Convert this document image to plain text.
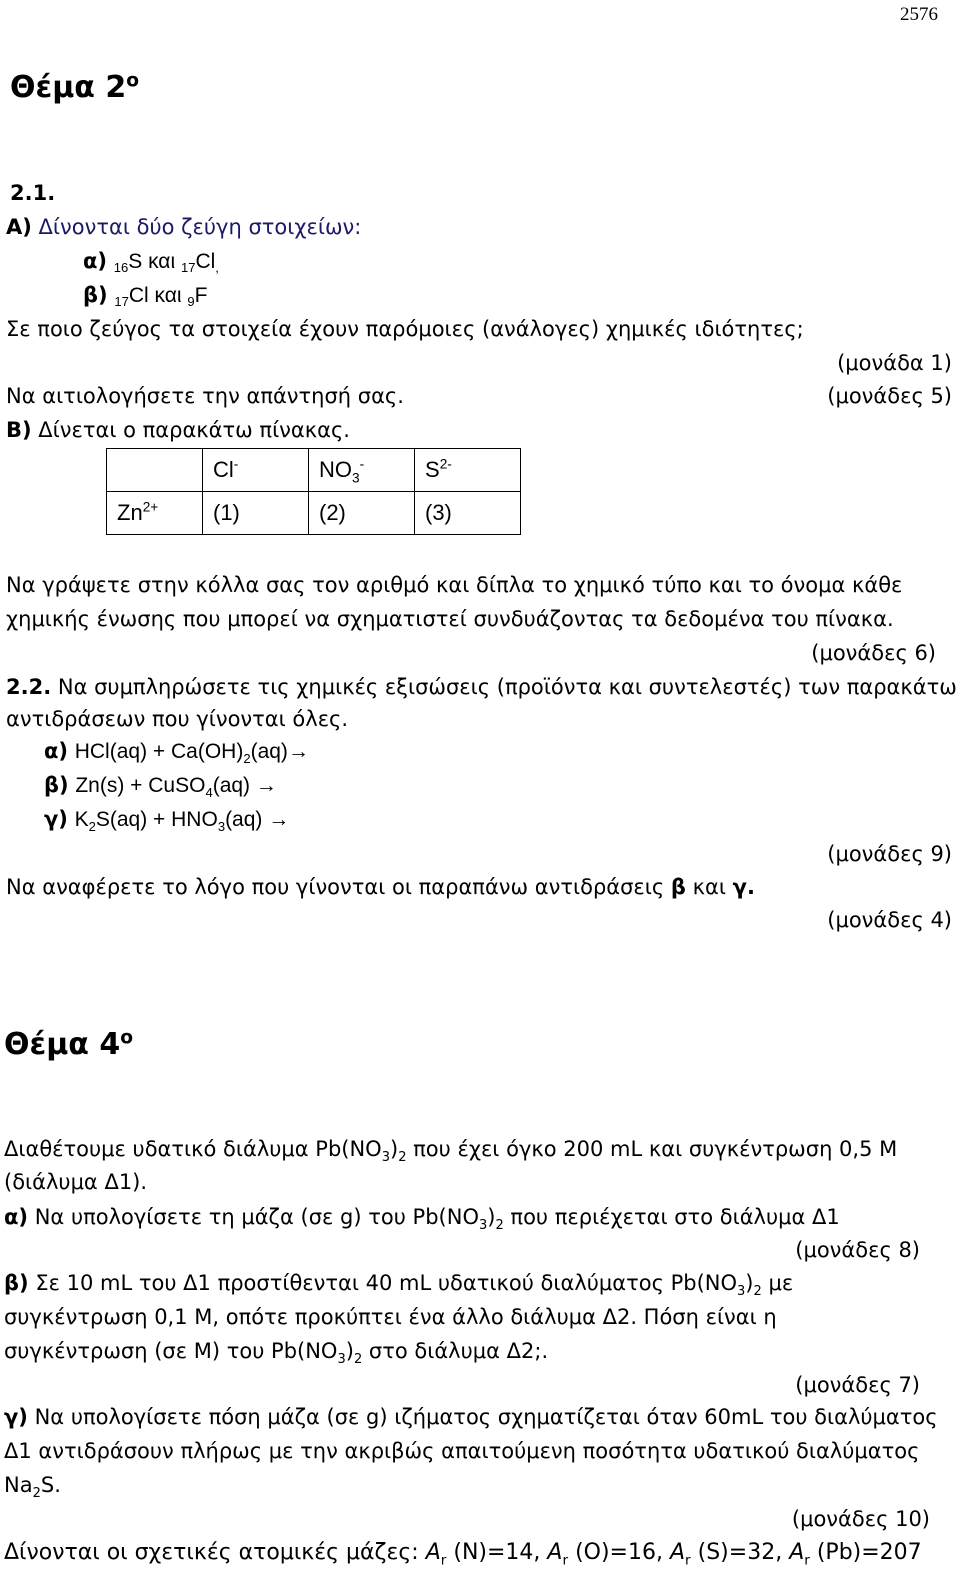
2576
Θέμα $2^o$
2.1.
Α) Δίνονται δύο ζεύγη στοιχείων:
α) 16S και 17Cl,
β) 17Cl και 9F
Σε ποιο ζεύγος τα στοιχεία έχουν παρόμοιες (ανάλογες) χημικές ιδιότητες;
(μονάδα 1)
Να αιτιολογήσετε την απάντησή σας.	(μονάδες 5)
Β) Δίνεται ο παρακάτω πίνακας.
	Cl-	$NO_3^-$	$S^{2-}$
$Zn^{2+}$	(1)	(2)	(3)
Να γράψετε στην κόλλα σας τον αριθμό και δίπλα το χημικό τύπο και το όνομα κάθε
χημικής ένωσης που μπορεί να σχηματιστεί συνδυάζοντας τα δεδομένα του πίνακα.
(μονάδες 6)
2.2. Να συμπληρώσετε τις χημικές εξισώσεις (προϊόντα και συντελεστές) των παρακάτω
αντιδράσεων που γίνονται όλες.
α) $HCl(aq) + Ca(OH)_2(aq)\to$
β) Zn(s) + CuSO$_4$(aq) →
γ) $K_2S(aq) + HNO_3(aq)$ →
(μονάδες 9)
Να αναφέρετε το λόγο που γίνονται οι παραπάνω αντιδράσεις β και γ.
(μονάδες 4)
Θέμα $4^o$
Διαθέτουμε υδατικό διάλυμα $Pb(NO_3)_2$ που έχει όγκο 200 mL και συγκέντρωση 0,5 M
(διάλυμα Δ1).
α) Να υπολογίσετε τη μάζα (σε g) του $Pb(NO_3)_2$ που περιέχεται στο διάλυμα Δ1
(μονάδες 8)
β) Σε 10 mL του Δ1 προστίθενται 40 mL υδατικού διαλύματος $Pb(NO_3)_2$ με
συγκέντρωση 0,1 M, οπότε προκύπτει ένα άλλο διάλυμα Δ2. Πόση είναι η
συγκέντρωση (σε M) του $Pb(NO_3)_2$ στο διάλυμα Δ2;.
(μονάδες 7)
γ) Να υπολογίσετε πόση μάζα (σε g) ιζήματος σχηματίζεται όταν 60mL του διαλύματος
Δ1 αντιδράσουν πλήρως με την ακριβώς απαιτούμενη ποσότητα υδατικού διαλύματος
$Na_2S$.
(μονάδες 10)
Δίνονται οι σχετικές ατομικές μάζες: $A_r$ (N)=14, $A_r$ (O)=16, $A_r$ (S)=32, $A_r$ (Pb)=207
